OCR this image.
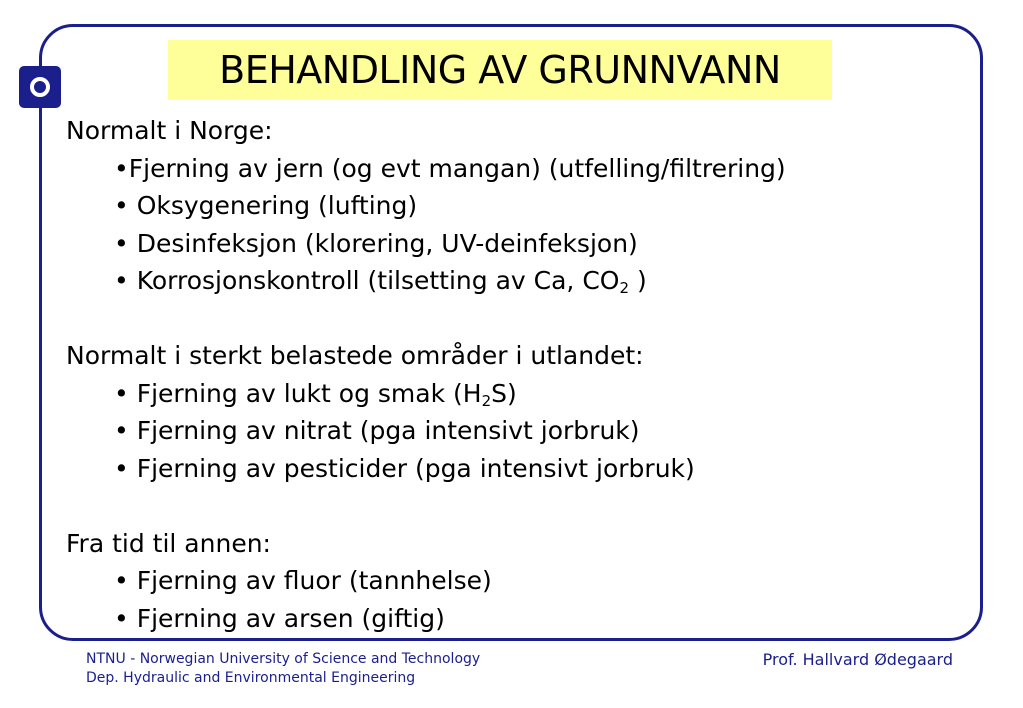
BEHANDLING AV GRUNNVANN
Normalt i Norge:
•Fjerning av jern (og evt mangan) (utfelling/filtrering)
• Oksygenering (lufting)
• Desinfeksjon (klorering, UV-deinfeksjon)
• Korrosjonskontroll (tilsetting av Ca, $CO_2$ )
Normalt i sterkt belastede områder i utlandet:
• Fjerning av lukt og smak $(H_2S)$
• Fjerning av nitrat (pga intensivt jorbruk)
• Fjerning av pesticider (pga intensivt jorbruk)
Fra tid til annen:
• Fjerning av fluor (tannhelse)
• Fjerning av arsen (giftig)
NTNU - Norwegian University of Science and Technology
Dep. Hydraulic and Environmental Engineering
Prof. Hallvard Ødegaard
